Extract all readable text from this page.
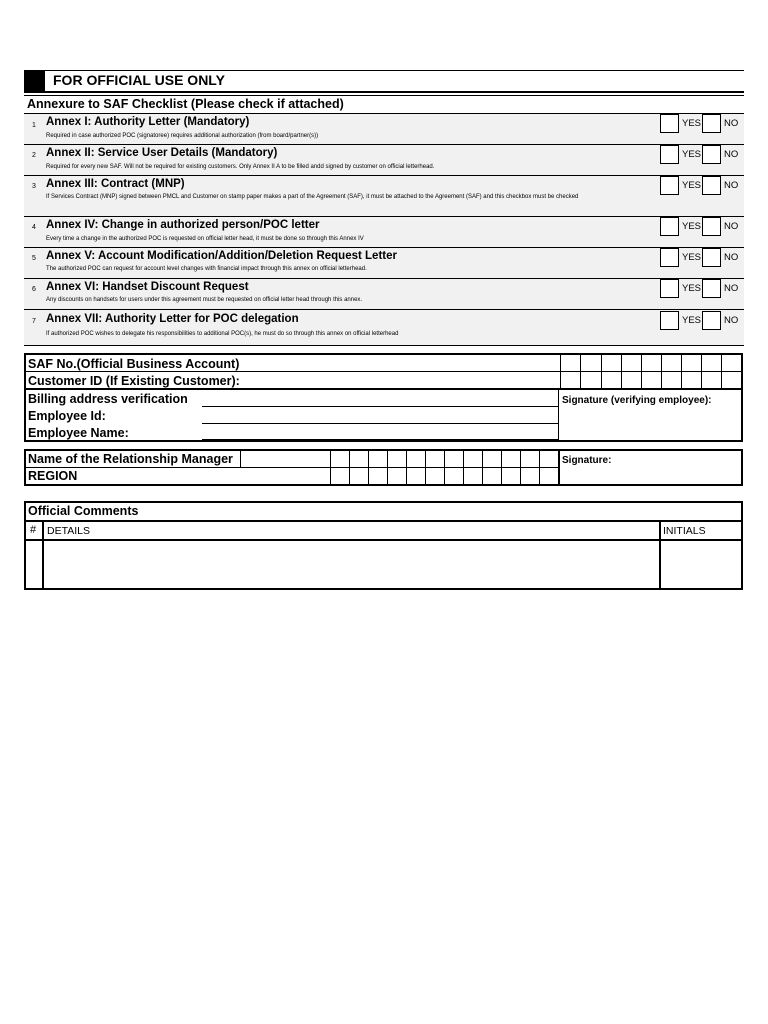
FOR OFFICIAL USE ONLY
Annexure to SAF Checklist (Please check if attached)
1 Annex I: Authority Letter (Mandatory)
Required in case authorized POC (signatoree) requires additional authorization (from board/partner(s))
YES NO
2 Annex II: Service User Details (Mandatory)
Required for every new SAF. Will not be required for existing customers. Only Annex II A to be filled andd signed by customer on official letterhead.
YES NO
3 Annex III: Contract (MNP)
If Services Contract (MNP) signed between PMCL and Customer on stamp paper makes a part of the Agreement (SAF), it must be attached to the Agreement (SAF) and this checkbox must be checked
YES NO
4 Annex IV: Change in authorized person/POC letter
Every time a change in the authorized POC is requested on official letter head, it must be done so through this Annex IV
YES NO
5 Annex V: Account Modification/Addition/Deletion Request Letter
The authorized POC can request for account level changes with financial impact through this annex on official letterhead.
YES NO
6 Annex VI: Handset Discount Request
Any discounts on handsets for users under this agreement must be requested on official letter head through this annex.
YES NO
7 Annex VII: Authority Letter for POC delegation
If authorized POC wishes to delegate his responsibilities to additional POC(s), he must do so through this annex on official letterhead
YES NO
SAF No.(Official Business Account)
Customer ID (If Existing Customer):
Billing address verification
Employee Id:
Employee Name:
Signature (verifying employee):
Name of the Relationship Manager
REGION
Signature:
Official Comments
# DETAILS	INITIALS
